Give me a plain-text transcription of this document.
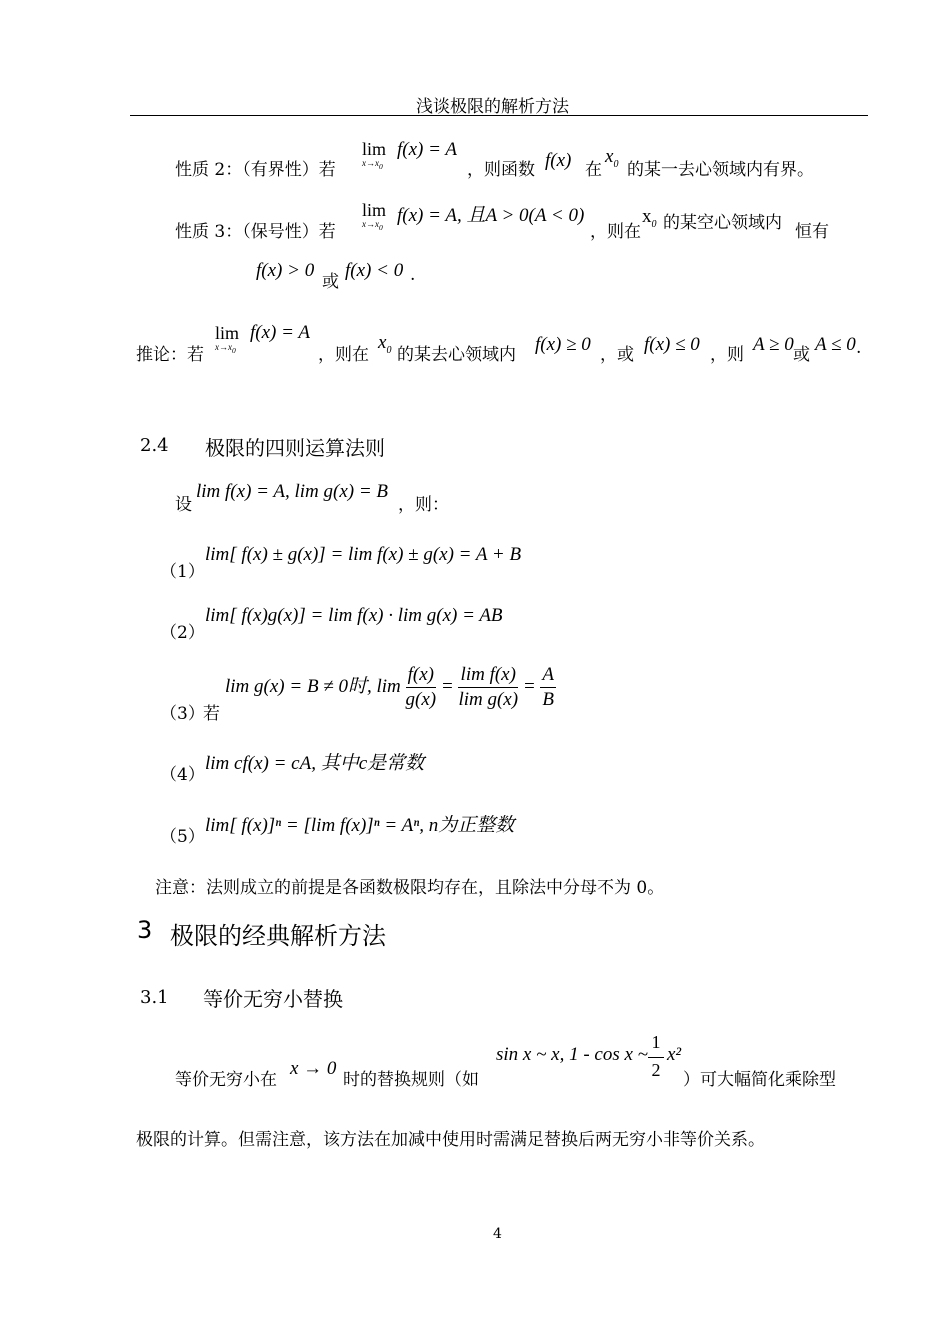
浅谈极限的解析方法
性质 2：（有界性）若
lim
$x\to x_0$
f(x) = A
，则函数 f(x) 在
$x_0$ 的某一去心领域内有界。
性质 3：（保号性）若
lim
$x\to x_0$
f(x) = A, 且A > 0(A < 0)
，则在
$x_0$ 的某空心领域内 恒有
f(x) > 0
或
f(x) < 0 .
推论：若
lim
$x\to x_0$
f(x) = A
，则在
$x_0$ 的某去心领域内 f(x) ≥ 0 ，或 f(x) ≤ 0 ，则 A ≥ 0 或 A ≤ 0 .
2.4 极限的四则运算法则
设
lim f(x) = A, lim g(x) = B
，则：
（1）
lim[ f(x) ± g(x)] = lim f(x) ± g(x) = A + B
（2）
lim[ f(x)g(x)] = lim f(x) · lim g(x) = AB
（3）
若
lim g(x) = B ≠ 0时, $\lim \frac{f(x)}{g(x)} = \frac{\text{lim f(x)}}{\text{lim g(x)}} = \frac{A}{B}$
（4）
lim cf(x) = cA, 其中c是常数
（5）
lim[ f(x)]ⁿ = [lim f(x)]ⁿ = Aⁿ, n为正整数
注意：法则成立的前提是各函数极限均存在，且除法中分母不为 0。
3 极限的经典解析方法
3.1 等价无穷小替换
等价无穷小在
x → 0
时的替换规则（如
sin x ~ x, 1 - cos x ~
1
2
x²
）可大幅简化乘除型
极限的计算。但需注意，该方法在加减中使用时需满足替换后两无穷小非等价关系。
4
